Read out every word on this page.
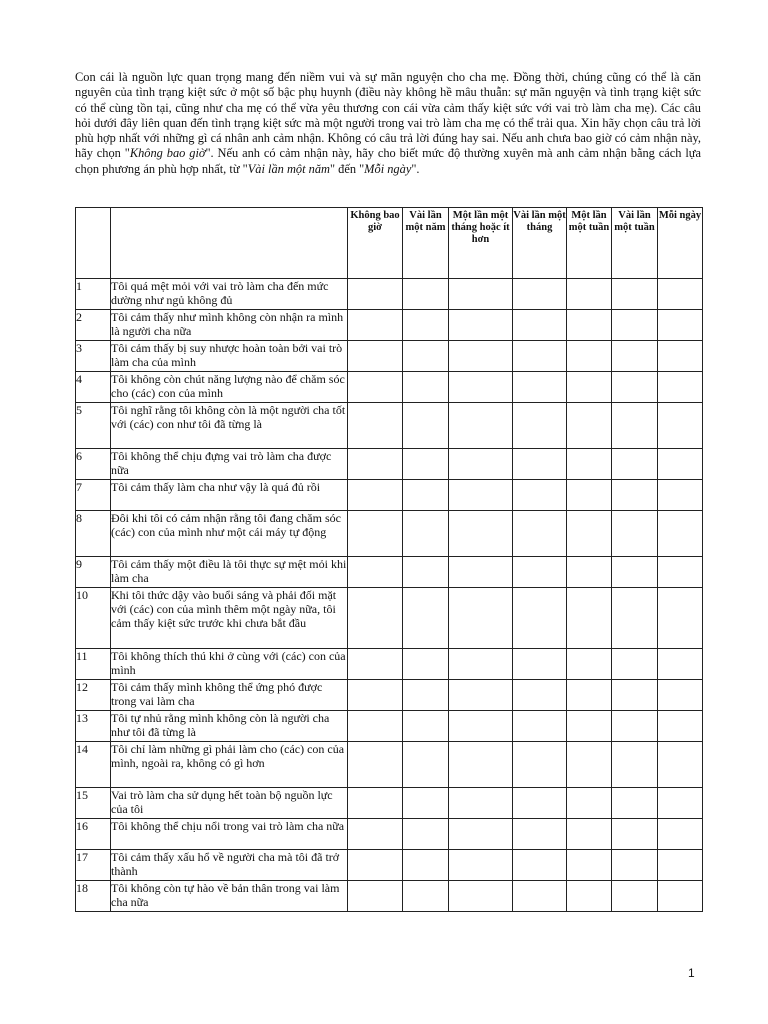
Con cái là nguồn lực quan trọng mang đến niềm vui và sự mãn nguyện cho cha mẹ. Đồng thời, chúng cũng có thể là căn nguyên của tình trạng kiệt sức ở một số bậc phụ huynh (điều này không hề mâu thuẫn: sự mãn nguyện và tình trạng kiệt sức có thể cùng tồn tại, cũng như cha mẹ có thể vừa yêu thương con cái vừa cảm thấy kiệt sức với vai trò làm cha mẹ). Các câu hỏi dưới đây liên quan đến tình trạng kiệt sức mà một người trong vai trò làm cha mẹ có thể trải qua. Xin hãy chọn câu trả lời phù hợp nhất với những gì cá nhân anh cảm nhận. Không có câu trả lời đúng hay sai. Nếu anh chưa bao giờ có cảm nhận này, hãy chọn "Không bao giờ". Nếu anh có cảm nhận này, hãy cho biết mức độ thường xuyên mà anh cảm nhận bằng cách lựa chọn phương án phù hợp nhất, từ "Vài lần một năm" đến "Mỗi ngày".

		Không bao giờ	Vài lần một năm	Một lần một tháng hoặc ít hơn	Vài lần một tháng	Một lần một tuần	Vài lần một tuần	Mỗi ngày
1	Tôi quá mệt mỏi với vai trò làm cha đến mức dường như ngủ không đủ							
2	Tôi cảm thấy như mình không còn nhận ra mình là người cha nữa							
3	Tôi cảm thấy bị suy nhược hoàn toàn bởi vai trò làm cha của mình							
4	Tôi không còn chút năng lượng nào để chăm sóc cho (các) con của mình							
5	Tôi nghĩ rằng tôi không còn là một người cha tốt với (các) con như tôi đã từng là							
6	Tôi không thể chịu đựng vai trò làm cha được nữa							
7	Tôi cảm thấy làm cha như vậy là quá đủ rồi							
8	Đôi khi tôi có cảm nhận rằng tôi đang chăm sóc (các) con của mình như một cái máy tự động							
9	Tôi cảm thấy một điều là tôi thực sự mệt mỏi khi làm cha							
10	Khi tôi thức dậy vào buổi sáng và phải đối mặt với (các) con của mình thêm một ngày nữa, tôi cảm thấy kiệt sức trước khi chưa bắt đầu							
11	Tôi không thích thú khi ở cùng với (các) con của mình							
12	Tôi cảm thấy mình không thể ứng phó được trong vai làm cha							
13	Tôi tự nhủ rằng mình không còn là người cha như tôi đã từng là							
14	Tôi chỉ làm những gì phải làm cho (các) con của mình, ngoài ra, không có gì hơn							
15	Vai trò làm cha sử dụng hết toàn bộ nguồn lực của tôi							
16	Tôi không thể chịu nổi trong vai trò làm cha nữa							
17	Tôi cảm thấy xấu hổ về người cha mà tôi đã trở thành							
18	Tôi không còn tự hào về bản thân trong vai làm cha nữa							
1
